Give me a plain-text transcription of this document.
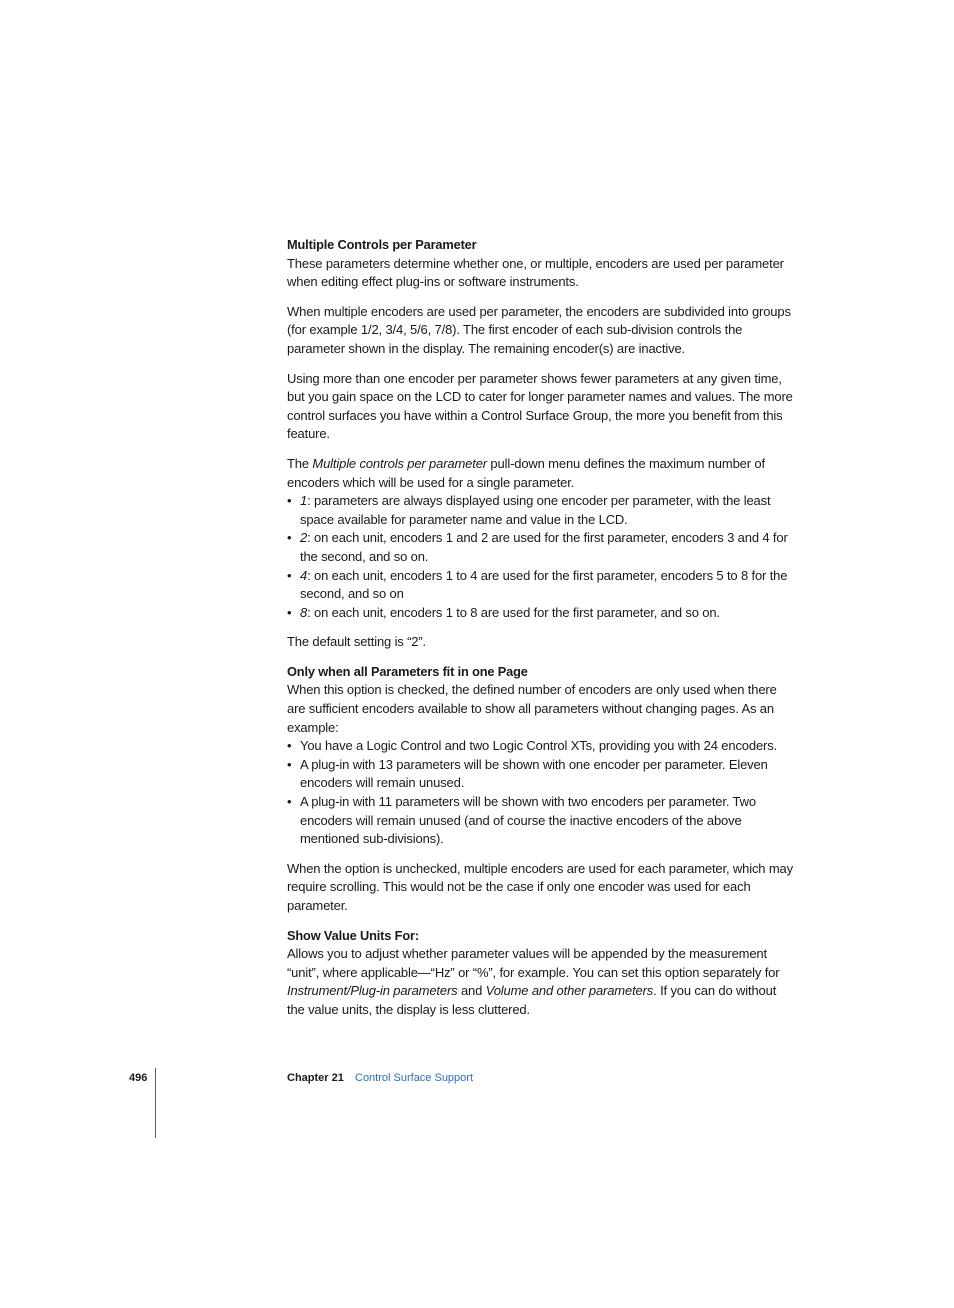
Multiple Controls per Parameter

These parameters determine whether one, or multiple, encoders are used per parameter when editing effect plug-ins or software instruments.

When multiple encoders are used per parameter, the encoders are subdivided into groups (for example 1/2, 3/4, 5/6, 7/8). The first encoder of each sub-division controls the parameter shown in the display. The remaining encoder(s) are inactive.

Using more than one encoder per parameter shows fewer parameters at any given time, but you gain space on the LCD to cater for longer parameter names and values. The more control surfaces you have within a Control Surface Group, the more you benefit from this feature.

The Multiple controls per parameter pull-down menu defines the maximum number of encoders which will be used for a single parameter.

• 1: parameters are always displayed using one encoder per parameter, with the least space available for parameter name and value in the LCD.
• 2: on each unit, encoders 1 and 2 are used for the first parameter, encoders 3 and 4 for the second, and so on.
• 4: on each unit, encoders 1 to 4 are used for the first parameter, encoders 5 to 8 for the second, and so on
• 8: on each unit, encoders 1 to 8 are used for the first parameter, and so on.

The default setting is “2”.

Only when all Parameters fit in one Page

When this option is checked, the defined number of encoders are only used when there are sufficient encoders available to show all parameters without changing pages. As an example:

• You have a Logic Control and two Logic Control XTs, providing you with 24 encoders.
• A plug-in with 13 parameters will be shown with one encoder per parameter. Eleven encoders will remain unused.
• A plug-in with 11 parameters will be shown with two encoders per parameter. Two encoders will remain unused (and of course the inactive encoders of the above mentioned sub-divisions).

When the option is unchecked, multiple encoders are used for each parameter, which may require scrolling. This would not be the case if only one encoder was used for each parameter.

Show Value Units For:

Allows you to adjust whether parameter values will be appended by the measurement “unit”, where applicable—“Hz” or “%”, for example. You can set this option separately for Instrument/Plug-in parameters and Volume and other parameters. If you can do without the value units, the display is less cluttered.

496	Chapter 21 Control Surface Support
